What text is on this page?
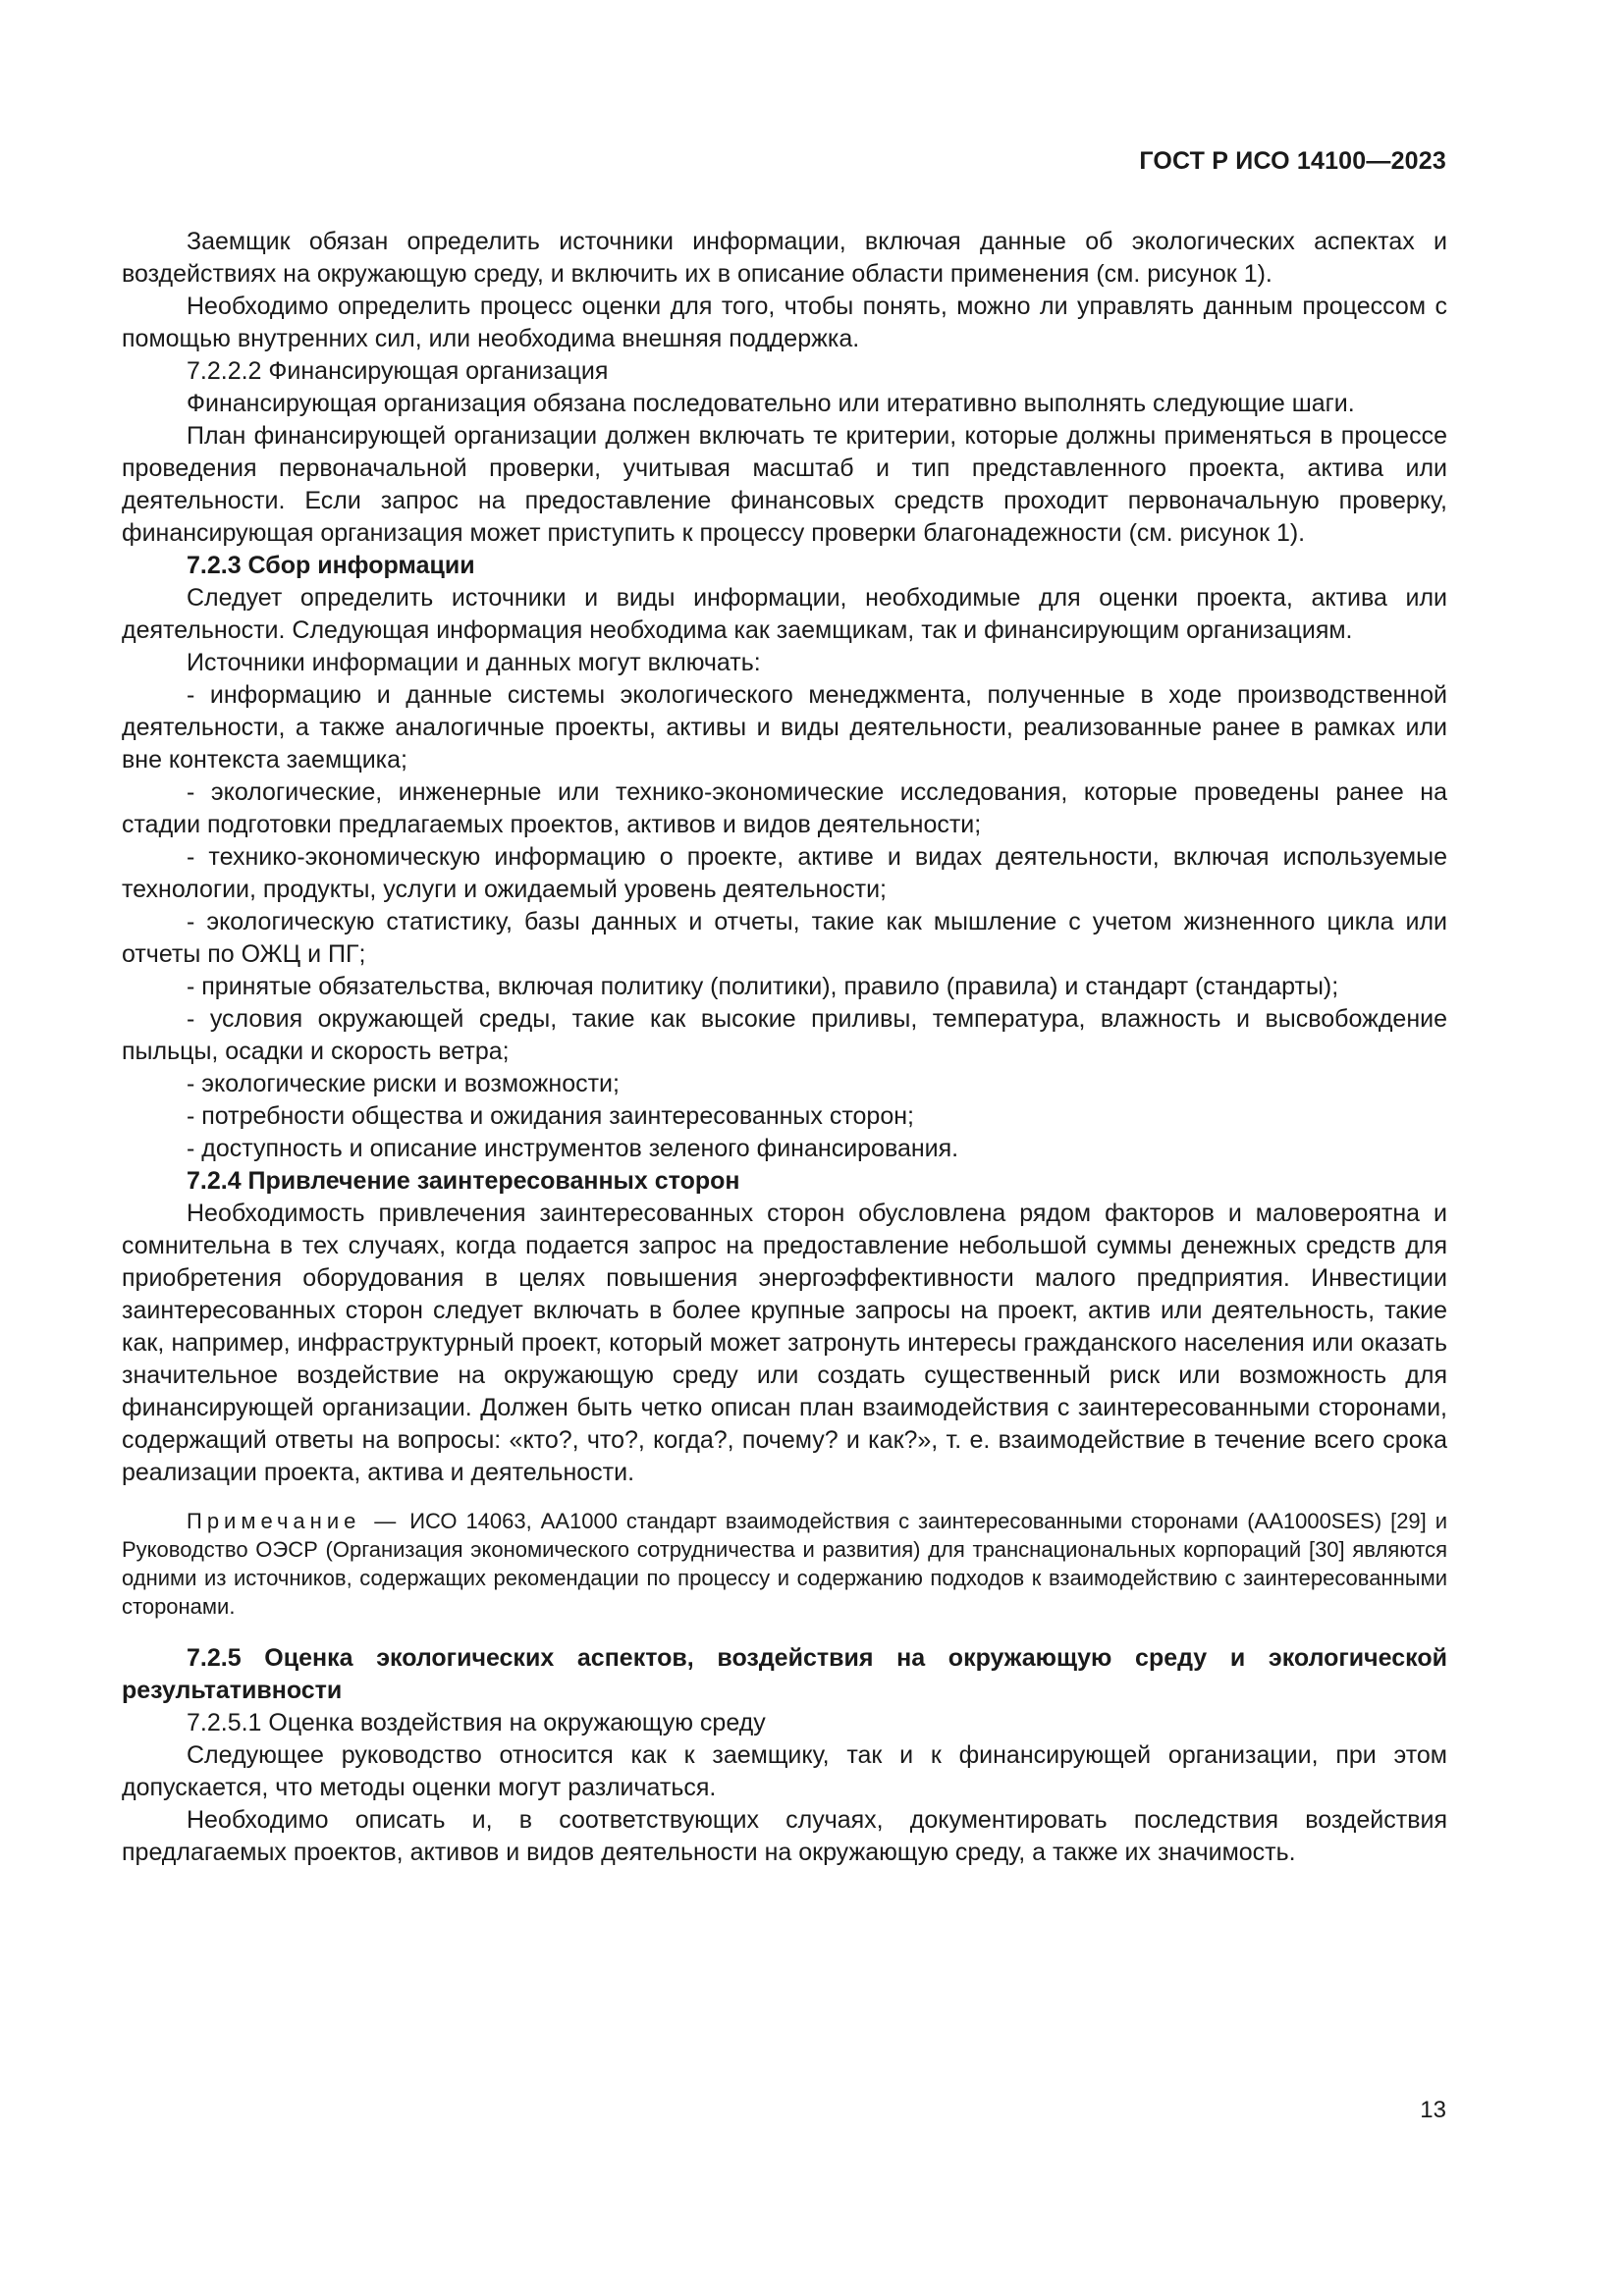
ГОСТ Р ИСО 14100—2023

Заемщик обязан определить источники информации, включая данные об экологических аспектах и воздействиях на окружающую среду, и включить их в описание области применения (см. рисунок 1).

Необходимо определить процесс оценки для того, чтобы понять, можно ли управлять данным процессом с помощью внутренних сил, или необходима внешняя поддержка.

7.2.2.2 Финансирующая организация

Финансирующая организация обязана последовательно или итеративно выполнять следующие шаги.

План финансирующей организации должен включать те критерии, которые должны применяться в процессе проведения первоначальной проверки, учитывая масштаб и тип представленного проекта, актива или деятельности. Если запрос на предоставление финансовых средств проходит первоначальную проверку, финансирующая организация может приступить к процессу проверки благонадежности (см. рисунок 1).

7.2.3 Сбор информации

Следует определить источники и виды информации, необходимые для оценки проекта, актива или деятельности. Следующая информация необходима как заемщикам, так и финансирующим организациям.

Источники информации и данных могут включать:

- информацию и данные системы экологического менеджмента, полученные в ходе производственной деятельности, а также аналогичные проекты, активы и виды деятельности, реализованные ранее в рамках или вне контекста заемщика;

- экологические, инженерные или технико-экономические исследования, которые проведены ранее на стадии подготовки предлагаемых проектов, активов и видов деятельности;

- технико-экономическую информацию о проекте, активе и видах деятельности, включая используемые технологии, продукты, услуги и ожидаемый уровень деятельности;

- экологическую статистику, базы данных и отчеты, такие как мышление с учетом жизненного цикла или отчеты по ОЖЦ и ПГ;

- принятые обязательства, включая политику (политики), правило (правила) и стандарт (стандарты);

- условия окружающей среды, такие как высокие приливы, температура, влажность и высвобождение пыльцы, осадки и скорость ветра;

- экологические риски и возможности;

- потребности общества и ожидания заинтересованных сторон;

- доступность и описание инструментов зеленого финансирования.

7.2.4 Привлечение заинтересованных сторон

Необходимость привлечения заинтересованных сторон обусловлена рядом факторов и маловероятна и сомнительна в тех случаях, когда подается запрос на предоставление небольшой суммы денежных средств для приобретения оборудования в целях повышения энергоэффективности малого предприятия. Инвестиции заинтересованных сторон следует включать в более крупные запросы на проект, актив или деятельность, такие как, например, инфраструктурный проект, который может затронуть интересы гражданского населения или оказать значительное воздействие на окружающую среду или создать существенный риск или возможность для финансирующей организации. Должен быть четко описан план взаимодействия с заинтересованными сторонами, содержащий ответы на вопросы: «кто?, что?, когда?, почему? и как?», т. е. взаимодействие в течение всего срока реализации проекта, актива и деятельности.

Примечание — ИСО 14063, AA1000 стандарт взаимодействия с заинтересованными сторонами (AA1000SES) [29] и Руководство ОЭСР (Организация экономического сотрудничества и развития) для транснациональных корпораций [30] являются одними из источников, содержащих рекомендации по процессу и содержанию подходов к взаимодействию с заинтересованными сторонами.

7.2.5 Оценка экологических аспектов, воздействия на окружающую среду и экологической результативности

7.2.5.1 Оценка воздействия на окружающую среду

Следующее руководство относится как к заемщику, так и к финансирующей организации, при этом допускается, что методы оценки могут различаться.

Необходимо описать и, в соответствующих случаях, документировать последствия воздействия предлагаемых проектов, активов и видов деятельности на окружающую среду, а также их значимость.

13
